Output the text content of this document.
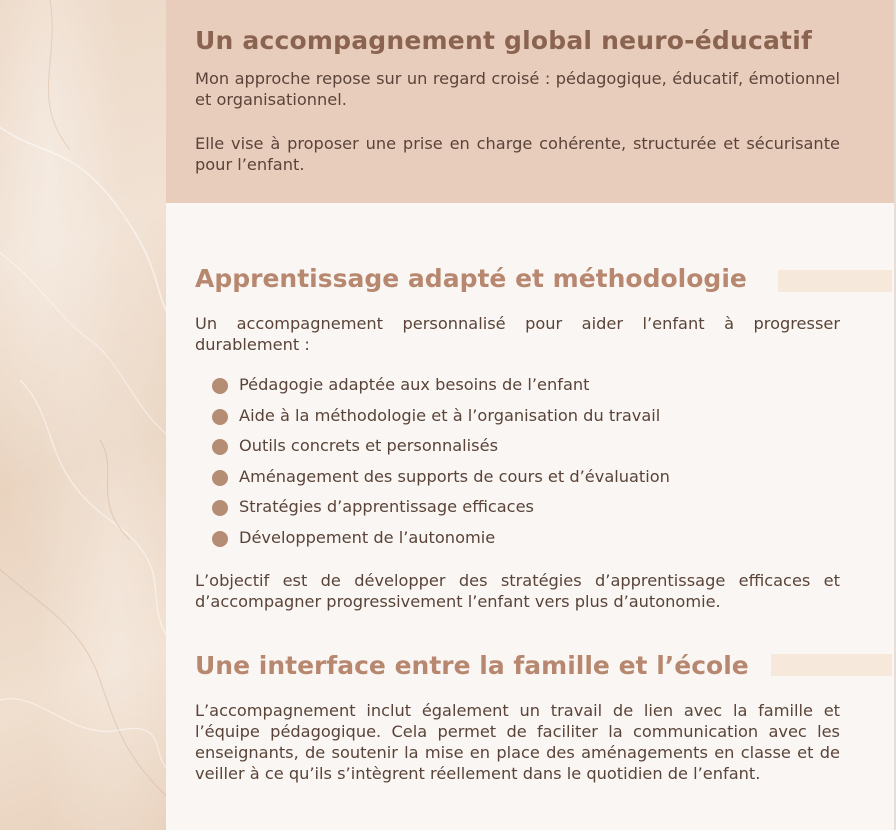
Un accompagnement global neuro-éducatif

Mon approche repose sur un regard croisé : pédagogique, éducatif, émotionnel et organisationnel.

Elle vise à proposer une prise en charge cohérente, structurée et sécurisante pour l’enfant.

Apprentissage adapté et méthodologie

Un accompagnement personnalisé pour aider l’enfant à progresser durablement :

Pédagogie adaptée aux besoins de l’enfant
Aide à la méthodologie et à l’organisation du travail
Outils concrets et personnalisés
Aménagement des supports de cours et d’évaluation
Stratégies d’apprentissage efficaces
Développement de l’autonomie

L’objectif est de développer des stratégies d’apprentissage efficaces et d’accompagner progressivement l’enfant vers plus d’autonomie.

Une interface entre la famille et l’école

L’accompagnement inclut également un travail de lien avec la famille et l’équipe pédagogique. Cela permet de faciliter la communication avec les enseignants, de soutenir la mise en place des aménagements en classe et de veiller à ce qu’ils s’intègrent réellement dans le quotidien de l’enfant.
